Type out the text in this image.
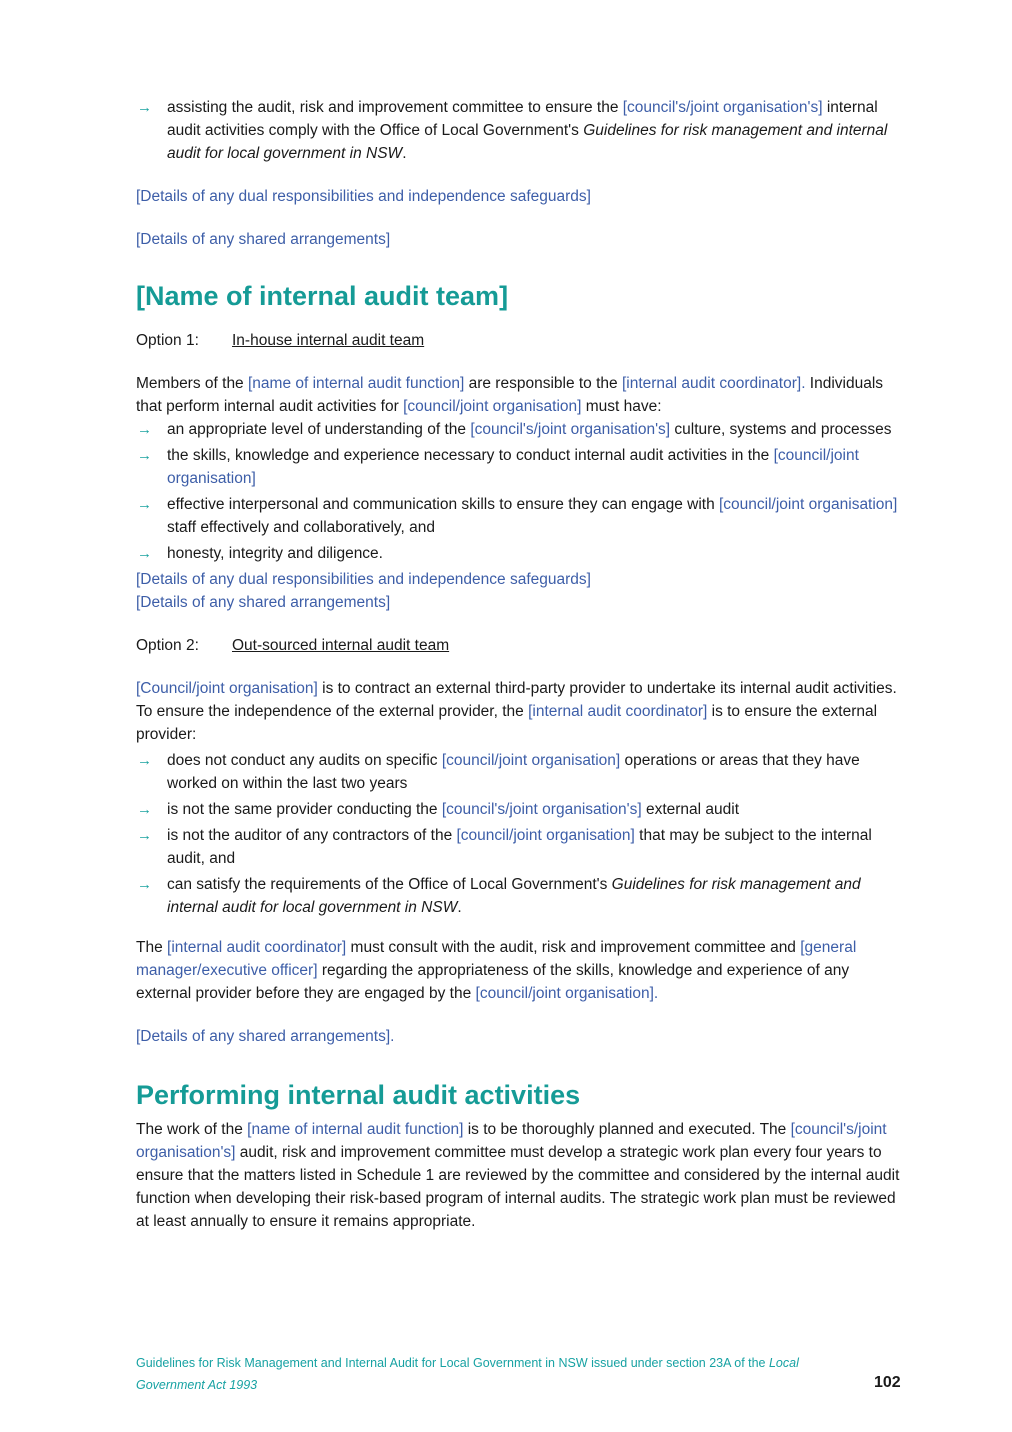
→ assisting the audit, risk and improvement committee to ensure the [council's/joint organisation's] internal audit activities comply with the Office of Local Government's Guidelines for risk management and internal audit for local government in NSW.

[Details of any dual responsibilities and independence safeguards]

[Details of any shared arrangements]

[Name of internal audit team]

Option 1: In-house internal audit team

Members of the [name of internal audit function] are responsible to the [internal audit coordinator]. Individuals that perform internal audit activities for [council/joint organisation] must have:

→ an appropriate level of understanding of the [council's/joint organisation's] culture, systems and processes
→ the skills, knowledge and experience necessary to conduct internal audit activities in the [council/joint organisation]
→ effective interpersonal and communication skills to ensure they can engage with [council/joint organisation] staff effectively and collaboratively, and
→ honesty, integrity and diligence.

[Details of any dual responsibilities and independence safeguards]

[Details of any shared arrangements]

Option 2: Out-sourced internal audit team

[Council/joint organisation] is to contract an external third-party provider to undertake its internal audit activities. To ensure the independence of the external provider, the [internal audit coordinator] is to ensure the external provider:

→ does not conduct any audits on specific [council/joint organisation] operations or areas that they have worked on within the last two years
→ is not the same provider conducting the [council's/joint organisation's] external audit
→ is not the auditor of any contractors of the [council/joint organisation] that may be subject to the internal audit, and
→ can satisfy the requirements of the Office of Local Government's Guidelines for risk management and internal audit for local government in NSW.

The [internal audit coordinator] must consult with the audit, risk and improvement committee and [general manager/executive officer] regarding the appropriateness of the skills, knowledge and experience of any external provider before they are engaged by the [council/joint organisation].

[Details of any shared arrangements].

Performing internal audit activities

The work of the [name of internal audit function] is to be thoroughly planned and executed. The [council's/joint organisation's] audit, risk and improvement committee must develop a strategic work plan every four years to ensure that the matters listed in Schedule 1 are reviewed by the committee and considered by the internal audit function when developing their risk-based program of internal audits. The strategic work plan must be reviewed at least annually to ensure it remains appropriate.

Guidelines for Risk Management and Internal Audit for Local Government in NSW issued under section 23A of the Local Government Act 1993	102
